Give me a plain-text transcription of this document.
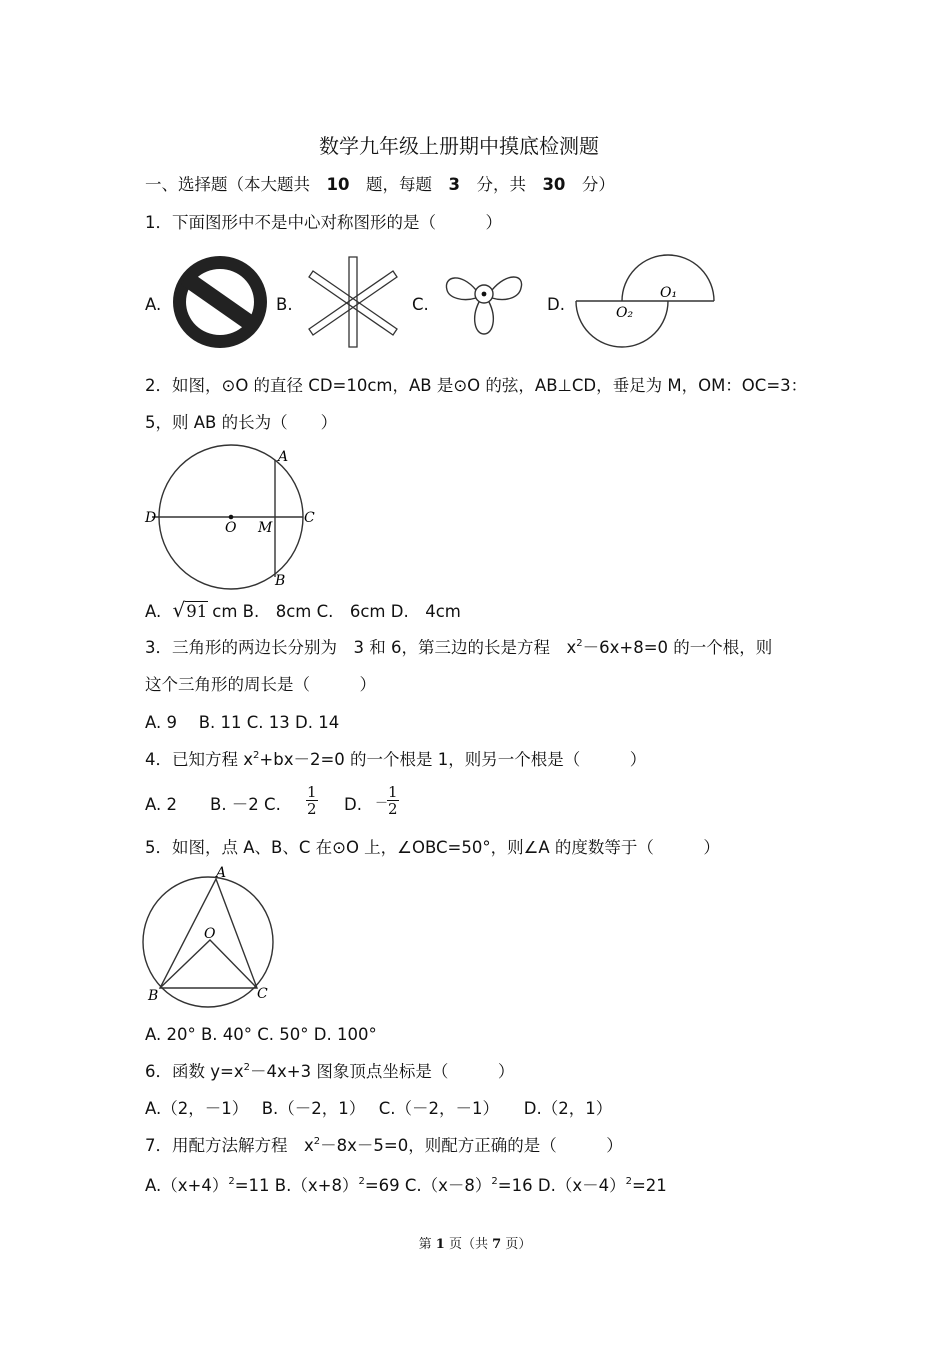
数学九年级上册期中摸底检测题
一、选择题（本大题共　 10　 题，每题　 3　 分，共　 30　 分）
1．下面图形中不是中心对称图形的是（　　　）
A.	B.	C.	D.
O₁
O₂
2．如图，⊙O 的直径 CD=10cm，AB 是⊙O 的弦，AB⊥CD，垂足为 M，OM：OC=3：
5，则 AB 的长为（　　）
A
B
C
D
O M
A. √91 cm B.　8cm C.　6cm D.　4cm
3．三角形的两边长分别为　3 和 6，第三边的长是方程　$x^2-6x+8=0$ 的一个根，则
这个三角形的周长是（　　　）
A. 9　 B. 11 C. 13 D. 14
4．已知方程 $x^2+bx-2=0$ 的一个根是 1，则另一个根是（　　　）
A. 2 B. －2 C. $\frac{1}{2} D$. －
$\frac{1}{2}$
5．如图，点 A、B、C 在⊙O 上，∠OBC=50°，则∠A 的度数等于（　　　）
A
O
B	C
A. 20° B. 40° C. 50° D. 100°
6．函数 $y=x^2-4x+3$ 图象顶点坐标是（　　　）
A.（2，－1）　 B.（－2，1）　 C.（－2，－1）　　D.（2，1）
7．用配方法解方程　$x^2-8x-5=0$，则配方正确的是（　　　）
$A.(x+4)^2=11$ $B.(x+8)^2=69$ $C.(x-8)^2=16$ $D.(x-4)^2=21$
第 1 页（共 7 页）
